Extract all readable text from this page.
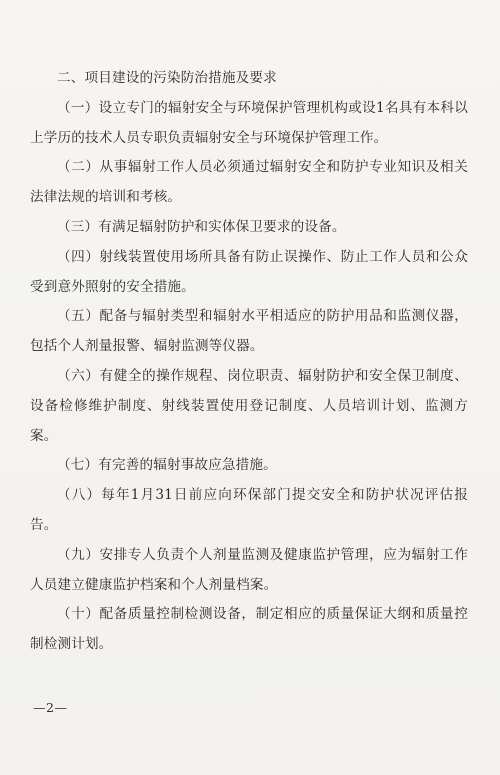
二、项目建设的污染防治措施及要求

（一）设立专门的辐射安全与环境保护管理机构或设1名具有本科以上学历的技术人员专职负责辐射安全与环境保护管理工作。

（二）从事辐射工作人员必须通过辐射安全和防护专业知识及相关法律法规的培训和考核。

（三）有满足辐射防护和实体保卫要求的设备。

（四）射线装置使用场所具备有防止误操作、防止工作人员和公众受到意外照射的安全措施。

（五）配备与辐射类型和辐射水平相适应的防护用品和监测仪器，包括个人剂量报警、辐射监测等仪器。

（六）有健全的操作规程、岗位职责、辐射防护和安全保卫制度、设备检修维护制度、射线装置使用登记制度、人员培训计划、监测方案。

（七）有完善的辐射事故应急措施。

（八）每年1月31日前应向环保部门提交安全和防护状况评估报告。

（九）安排专人负责个人剂量监测及健康监护管理，应为辐射工作人员建立健康监护档案和个人剂量档案。

（十）配备质量控制检测设备，制定相应的质量保证大纲和质量控制检测计划。

—2—
